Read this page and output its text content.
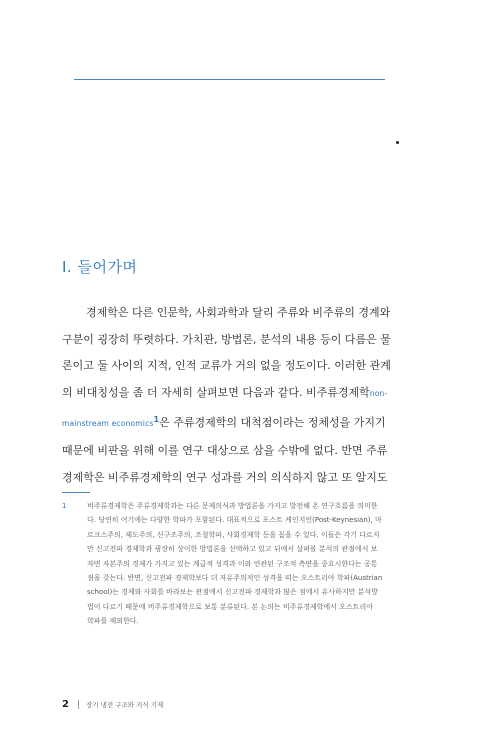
I. 들어가며
경제학은 다른 인문학, 사회과학과 달리 주류와 비주류의 경계와
구분이 굉장히 뚜렷하다. 가치관, 방법론, 분석의 내용 등이 다름은 물
론이고 둘 사이의 지적, 인적 교류가 거의 없을 정도이다. 이러한 관계
의 비대칭성을 좀 더 자세히 살펴보면 다음과 같다. 비주류경제학non-
mainstream economics$^1$은 주류경제학의 대척점이라는 정체성을 가지기
때문에 비판을 위해 이를 연구 대상으로 삼을 수밖에 없다. 반면 주류
경제학은 비주류경제학의 연구 성과를 거의 의식하지 않고 또 알지도
1	비주류경제학은 주류경제학과는 다른 문제의식과 방법론을 가지고 발전해 온 연구흐름을 의미한
다. 당연히 여기에는 다양한 학파가 포함된다. 대표적으로 포스트 케인지언(Post-Keynesian), 마
르크스주의, 제도주의, 신구조주의, 조절학파, 사회경제학 등을 꼽을 수 있다. 이들은 각기 다르지
만 신고전파 경제학과 굉장히 상이한 방법론을 선택하고 있고 뒤에서 살펴볼 분석의 관점에서 보
자면 자본주의 경제가 가지고 있는 계급적 성격과 이와 연관된 구조적 측면을 중요시한다는 공통
점을 갖는다. 반면, 신고전파 경제학보다 더 자유주의적인 성격을 띠는 오스트리아 학파(Austrian
school)는 경제와 사회를 바라보는 관점에서 신고전파 경제학과 많은 점에서 유사하지만 분석방
법이 다르기 때문에 비주류경제학으로 보통 분류된다. 본 논의는 비주류경제학에서 오스트리아
학파를 제외한다.
2	장기 냉전 구조와 지식 기제
